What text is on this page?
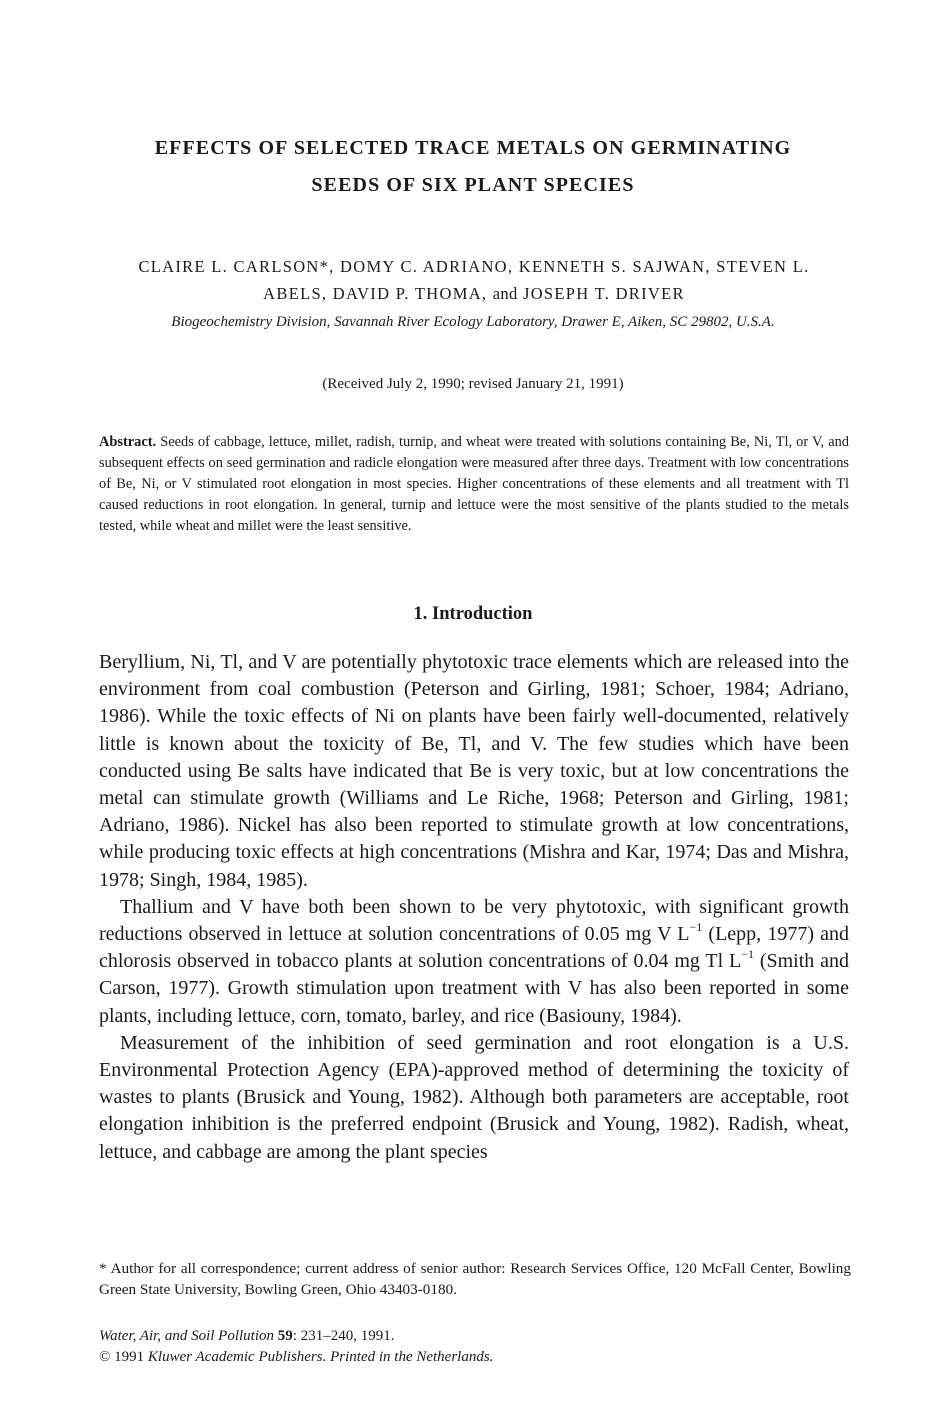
EFFECTS OF SELECTED TRACE METALS ON GERMINATING
SEEDS OF SIX PLANT SPECIES
CLAIRE L. CARLSON*, DOMY C. ADRIANO, KENNETH S. SAJWAN, STEVEN L.
ABELS, DAVID P. THOMA, and JOSEPH T. DRIVER
Biogeochemistry Division, Savannah River Ecology Laboratory, Drawer E, Aiken, SC 29802, U.S.A.
(Received July 2, 1990; revised January 21, 1991)

Abstract. Seeds of cabbage, lettuce, millet, radish, turnip, and wheat were treated with solutions containing Be, Ni, Tl, or V, and subsequent effects on seed germination and radicle elongation were measured after three days. Treatment with low concentrations of Be, Ni, or V stimulated root elongation in most species. Higher concentrations of these elements and all treatment with Tl caused reductions in root elongation. In general, turnip and lettuce were the most sensitive of the plants studied to the metals tested, while wheat and millet were the least sensitive.

1. Introduction

Beryllium, Ni, Tl, and V are potentially phytotoxic trace elements which are released into the environment from coal combustion (Peterson and Girling, 1981; Schoer, 1984; Adriano, 1986). While the toxic effects of Ni on plants have been fairly well-documented, relatively little is known about the toxicity of Be, Tl, and V. The few studies which have been conducted using Be salts have indicated that Be is very toxic, but at low concentrations the metal can stimulate growth (Williams and Le Riche, 1968; Peterson and Girling, 1981; Adriano, 1986). Nickel has also been reported to stimulate growth at low concentrations, while producing toxic effects at high concentrations (Mishra and Kar, 1974; Das and Mishra, 1978; Singh, 1984, 1985).

Thallium and V have both been shown to be very phytotoxic, with significant growth reductions observed in lettuce at solution concentrations of 0.05 mg V $L^{-1}$ (Lepp, 1977) and chlorosis observed in tobacco plants at solution concentrations of 0.04 mg Tl $L^{-1}$ (Smith and Carson, 1977). Growth stimulation upon treatment with V has also been reported in some plants, including lettuce, corn, tomato, barley, and rice (Basiouny, 1984).

Measurement of the inhibition of seed germination and root elongation is a U.S. Environmental Protection Agency (EPA)-approved method of determining the toxicity of wastes to plants (Brusick and Young, 1982). Although both parameters are acceptable, root elongation inhibition is the preferred endpoint (Brusick and Young, 1982). Radish, wheat, lettuce, and cabbage are among the plant species

* Author for all correspondence; current address of senior author: Research Services Office, 120 McFall Center, Bowling Green State University, Bowling Green, Ohio 43403-0180.
Water, Air, and Soil Pollution 59: 231–240, 1991.
© 1991 Kluwer Academic Publishers. Printed in the Netherlands.
